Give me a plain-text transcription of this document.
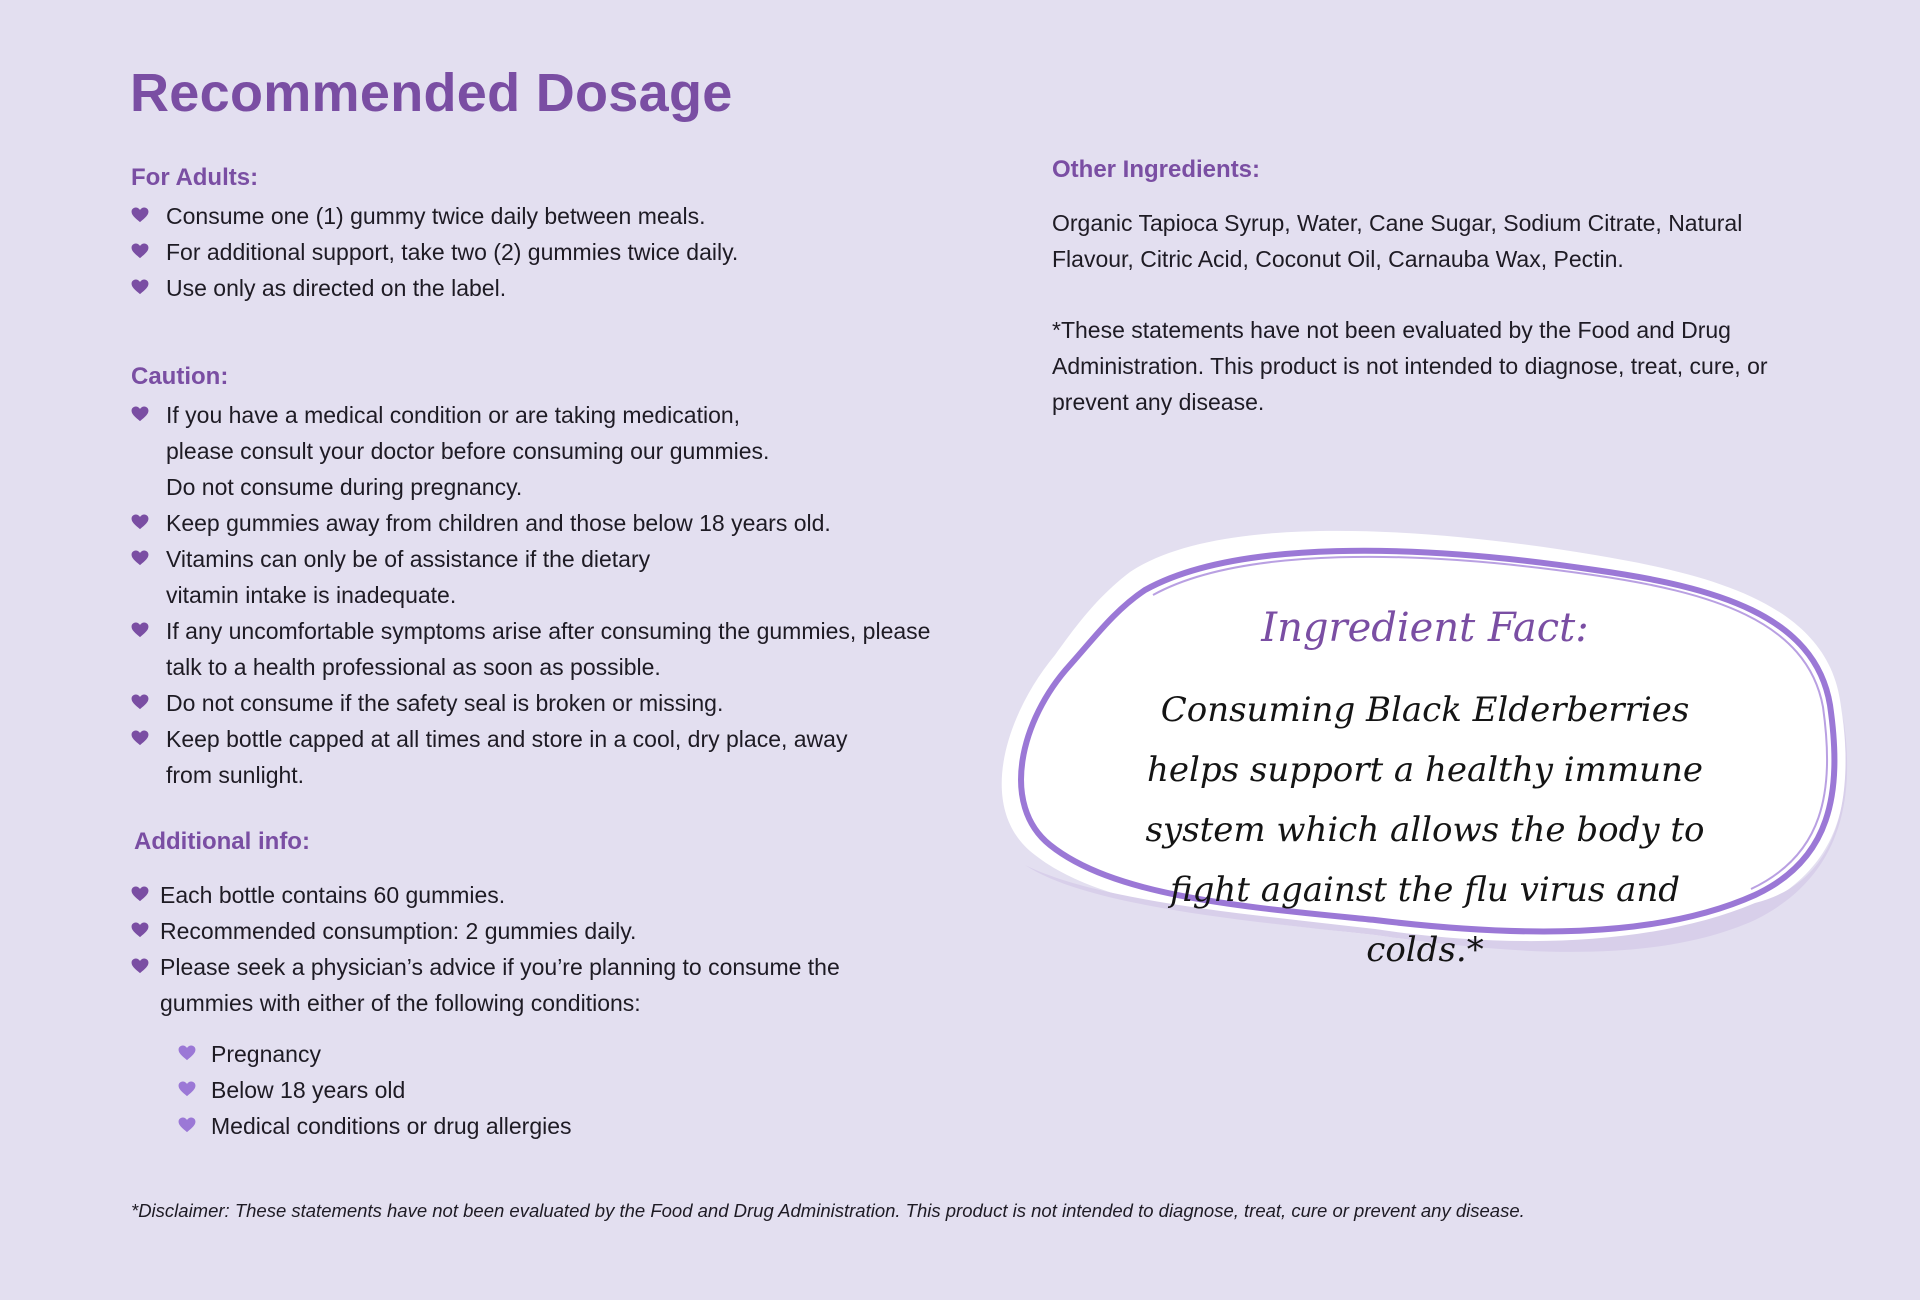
Recommended Dosage
For Adults:
Consume one (1) gummy twice daily between meals.
For additional support, take two (2) gummies twice daily.
Use only as directed on the label.
Caution:
If you have a medical condition or are taking medication, please consult your doctor before consuming our gummies. Do not consume during pregnancy.
Keep gummies away from children and those below 18 years old.
Vitamins can only be of assistance if the dietary vitamin intake is inadequate.
If any uncomfortable symptoms arise after consuming the gummies, please talk to a health professional as soon as possible.
Do not consume if the safety seal is broken or missing.
Keep bottle capped at all times and store in a cool, dry place, away from sunlight.
Additional info:
Each bottle contains 60 gummies.
Recommended consumption: 2 gummies daily.
Please seek a physician’s advice if you’re planning to consume the gummies with either of the following conditions:
Pregnancy
Below 18 years old
Medical conditions or drug allergies
Other Ingredients:

Organic Tapioca Syrup, Water, Cane Sugar, Sodium Citrate, Natural Flavour, Citric Acid, Coconut Oil, Carnauba Wax, Pectin.

*These statements have not been evaluated by the Food and Drug Administration. This product is not intended to diagnose, treat, cure, or prevent any disease.

Ingredient Fact:

Consuming Black Elderberries helps support a healthy immune system which allows the body to fight against the flu virus and colds.*

*Disclaimer: These statements have not been evaluated by the Food and Drug Administration. This product is not intended to diagnose, treat, cure or prevent any disease.
